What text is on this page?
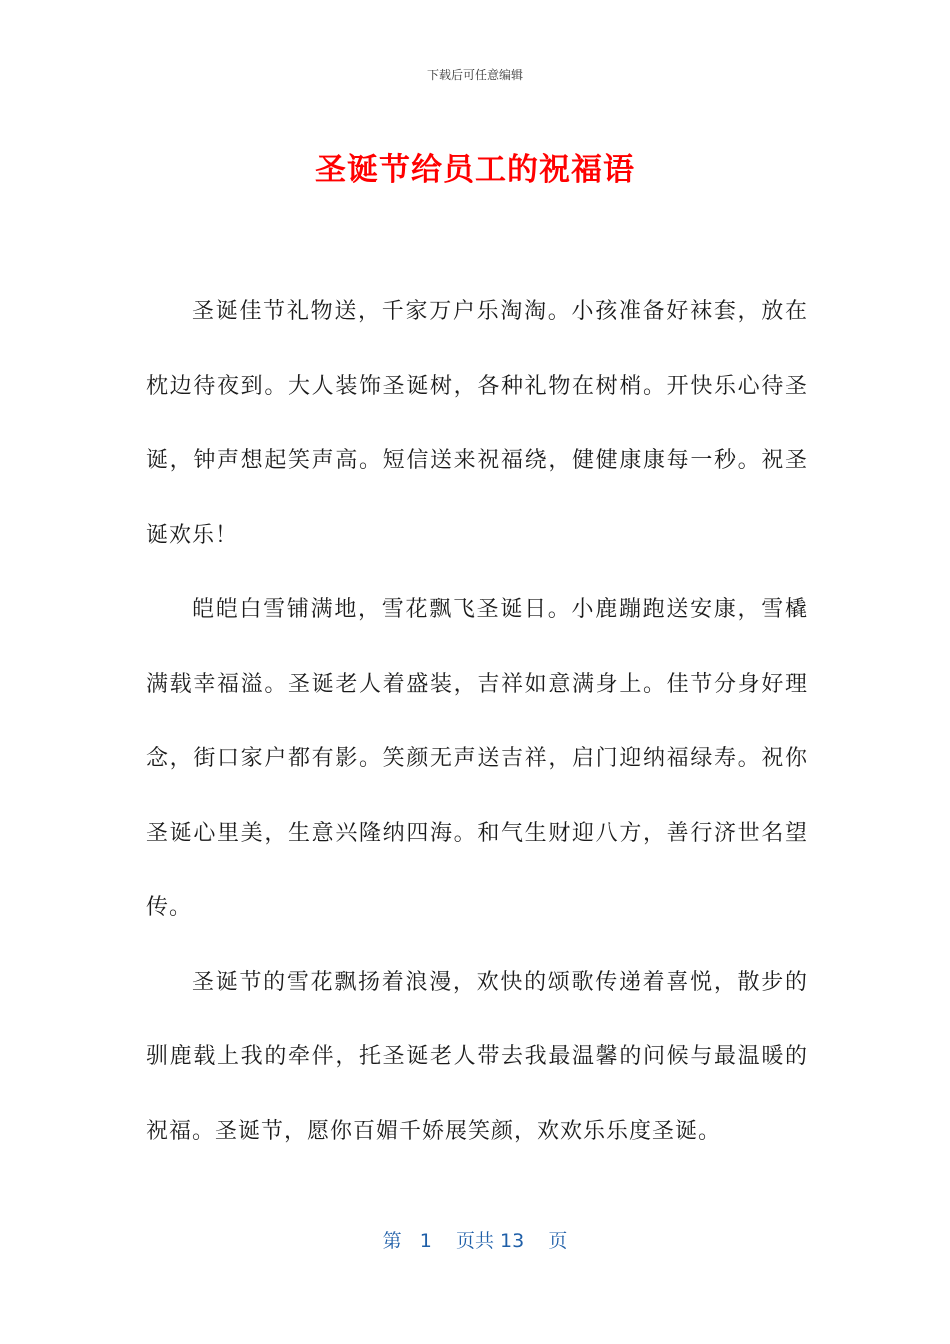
下载后可任意编辑
圣诞节给员工的祝福语

圣诞佳节礼物送，千家万户乐淘淘。小孩准备好袜套，放在枕边待夜到。大人装饰圣诞树，各种礼物在树梢。开快乐心待圣诞，钟声想起笑声高。短信送来祝福绕，健健康康每一秒。祝圣诞欢乐！

皑皑白雪铺满地，雪花飘飞圣诞日。小鹿蹦跑送安康，雪橇满载幸福溢。圣诞老人着盛装，吉祥如意满身上。佳节分身好理念，街口家户都有影。笑颜无声送吉祥，启门迎纳福绿寿。祝你圣诞心里美，生意兴隆纳四海。和气生财迎八方，善行济世名望传。

圣诞节的雪花飘扬着浪漫，欢快的颂歌传递着喜悦，散步的驯鹿载上我的牵伴，托圣诞老人带去我最温馨的问候与最温暖的祝福。圣诞节，愿你百媚千娇展笑颜，欢欢乐乐度圣诞。

第 1 页共 13 页
